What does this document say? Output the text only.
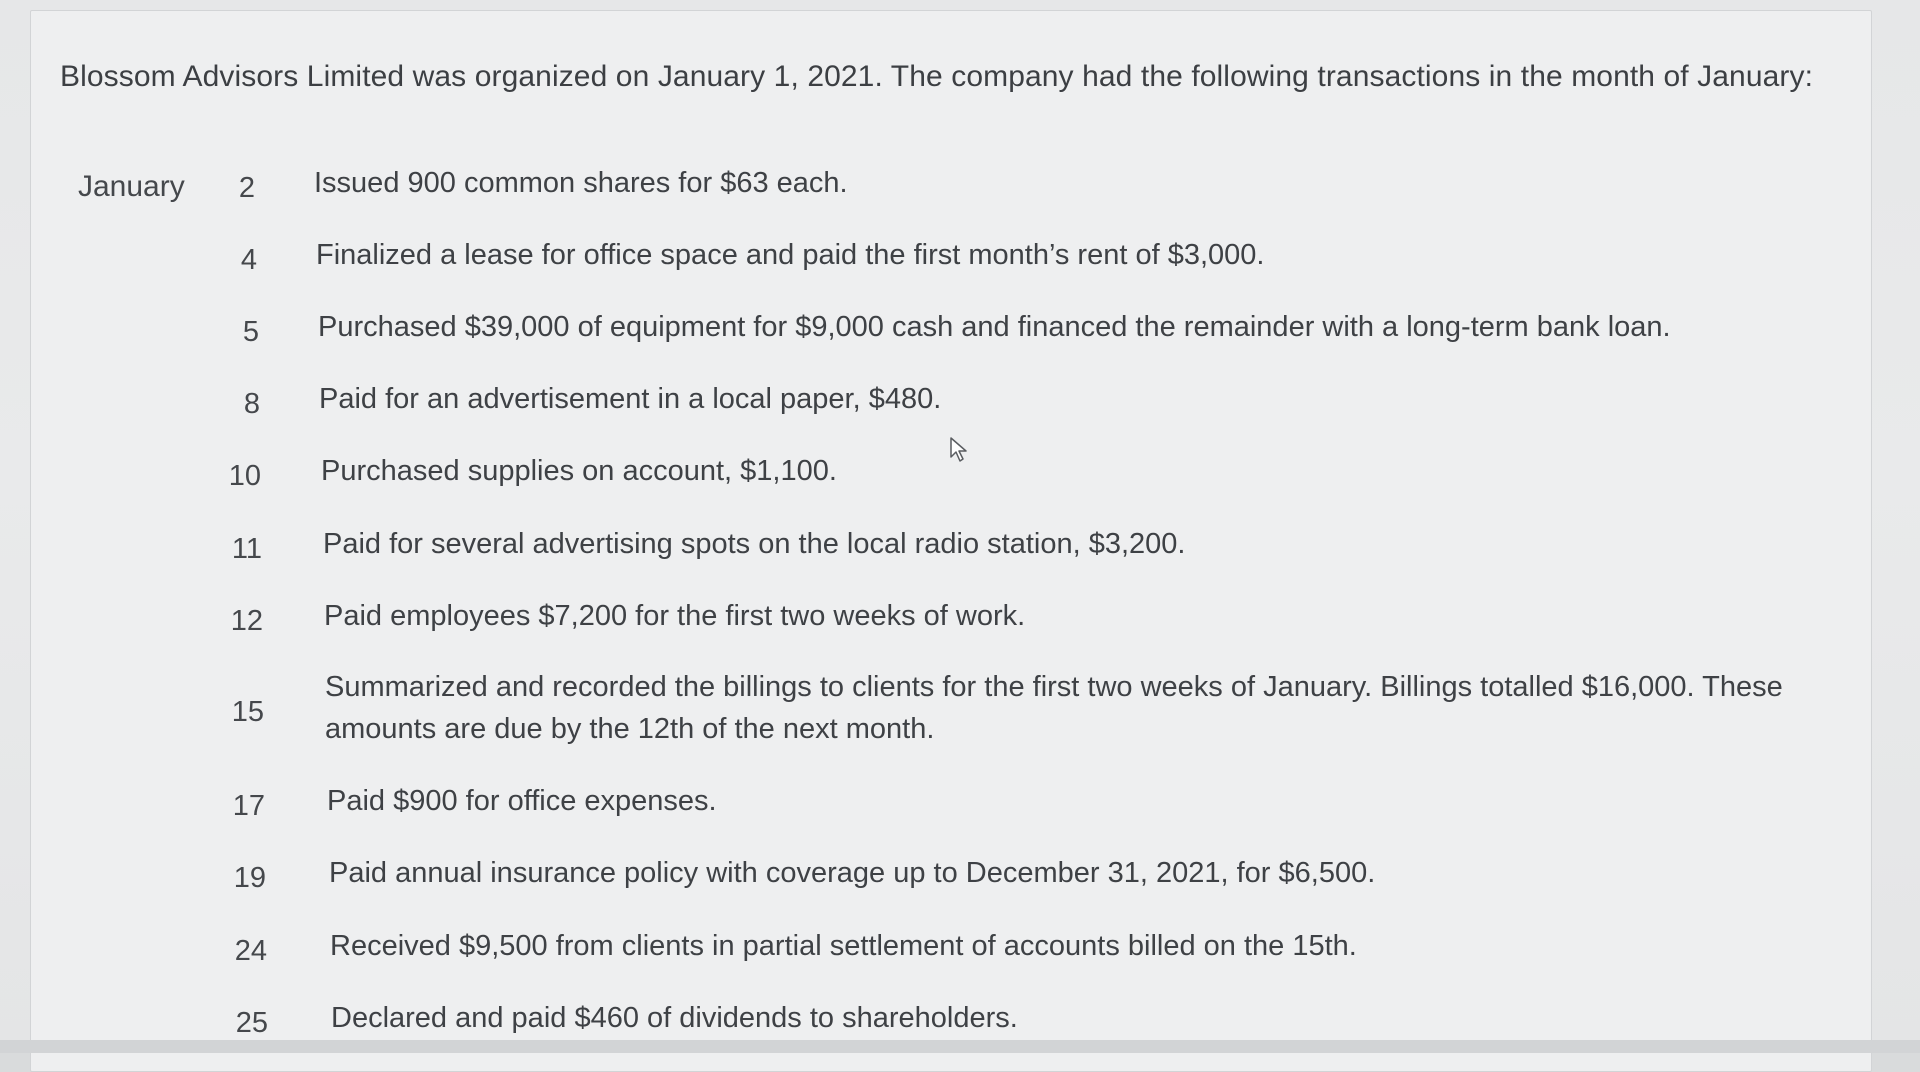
Blossom Advisors Limited was organized on January 1, 2021. The company had the following transactions in the month of January:
January	2 Issued 900 common shares for $63 each.
4 Finalized a lease for office space and paid the first month’s rent of $3,000.
5 Purchased $39,000 of equipment for $9,000 cash and financed the remainder with a long-term bank loan.
8 Paid for an advertisement in a local paper, $480.
10 Purchased supplies on account, $1,100.
11 Paid for several advertising spots on the local radio station, $3,200.
12 Paid employees $7,200 for the first two weeks of work.
15
Summarized and recorded the billings to clients for the first two weeks of January. Billings totalled $16,000. These amounts are due by the 12th of the next month.
17 Paid $900 for office expenses.
19 Paid annual insurance policy with coverage up to December 31, 2021, for $6,500.
24 Received $9,500 from clients in partial settlement of accounts billed on the 15th.
25 Declared and paid $460 of dividends to shareholders.
